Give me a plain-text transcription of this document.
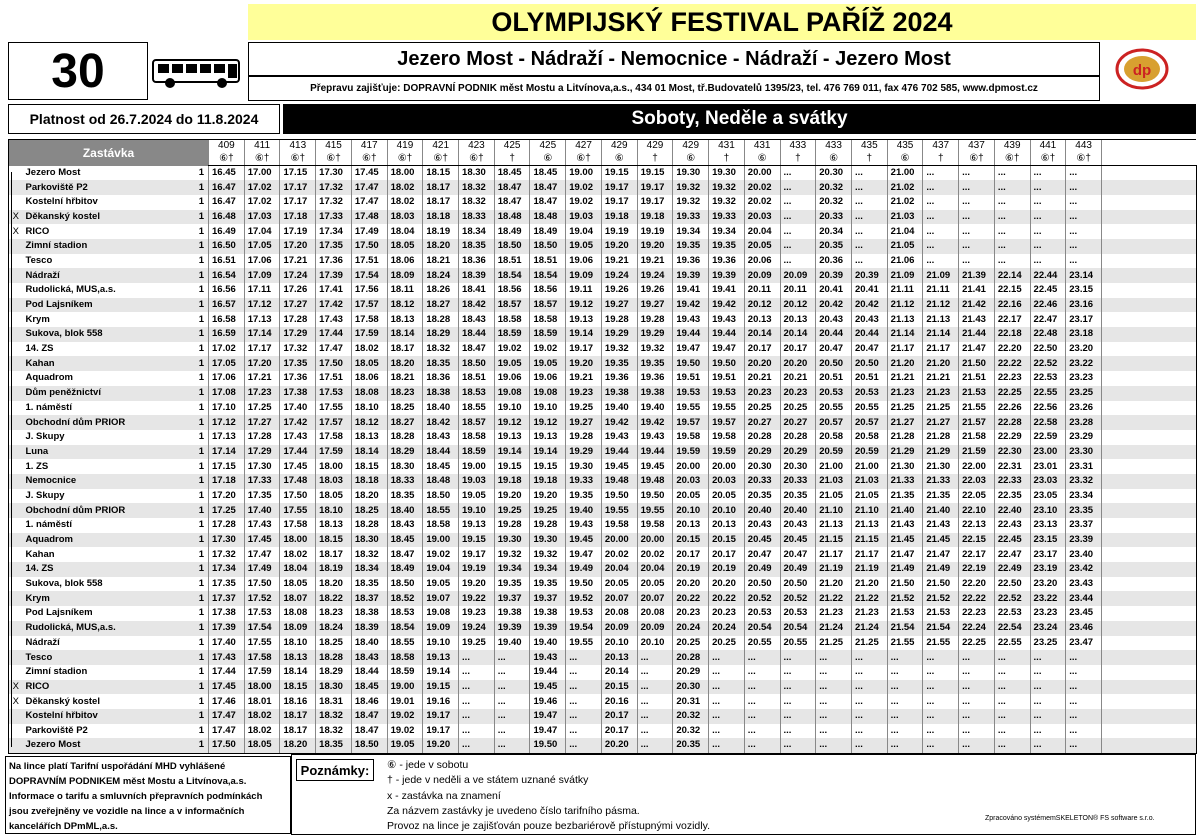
OLYMPIJSKÝ FESTIVAL PAŘÍŽ 2024
30	Jezero Most - Nádraží - Nemocnice - Nádraží - Jezero Most
Přepravu zajišťuje: DOPRAVNÍ PODNIK měst Mostu a Litvínova,a.s., 434 01 Most, tř.Budovatelů 1395/23, tel. 476 769 011, fax 476 702 585, www.dpmost.cz
dp
Platnost od 26.7.2024 do 11.8.2024	Soboty, Neděle a svátky
Zastávka			409	411	413	415	417	419	421	423	425	425	427	429	429	429	431	431	433	433	435	435	437	437	439	441	443	
			⑥†	⑥†	⑥†	⑥†	⑥†	⑥†	⑥†	⑥†	†	⑥	⑥†	⑥	†	⑥	†	⑥	†	⑥	†	⑥	†	⑥†	⑥†	⑥†	⑥†	
	Jezero Most	1	16.45	17.00	17.15	17.30	17.45	18.00	18.15	18.30	18.45	18.45	19.00	19.15	19.15	19.30	19.30	20.00	...	20.30	...	21.00	...	...	...	...	...	
	Parkoviště P2	1	16.47	17.02	17.17	17.32	17.47	18.02	18.17	18.32	18.47	18.47	19.02	19.17	19.17	19.32	19.32	20.02	...	20.32	...	21.02	...	...	...	...	...	
	Kostelní hřbitov	1	16.47	17.02	17.17	17.32	17.47	18.02	18.17	18.32	18.47	18.47	19.02	19.17	19.17	19.32	19.32	20.02	...	20.32	...	21.02	...	...	...	...	...	
X	Děkanský kostel	1	16.48	17.03	17.18	17.33	17.48	18.03	18.18	18.33	18.48	18.48	19.03	19.18	19.18	19.33	19.33	20.03	...	20.33	...	21.03	...	...	...	...	...	
X	RICO	1	16.49	17.04	17.19	17.34	17.49	18.04	18.19	18.34	18.49	18.49	19.04	19.19	19.19	19.34	19.34	20.04	...	20.34	...	21.04	...	...	...	...	...	
	Zimní stadion	1	16.50	17.05	17.20	17.35	17.50	18.05	18.20	18.35	18.50	18.50	19.05	19.20	19.20	19.35	19.35	20.05	...	20.35	...	21.05	...	...	...	...	...	
	Tesco	1	16.51	17.06	17.21	17.36	17.51	18.06	18.21	18.36	18.51	18.51	19.06	19.21	19.21	19.36	19.36	20.06	...	20.36	...	21.06	...	...	...	...	...	
	Nádraží	1	16.54	17.09	17.24	17.39	17.54	18.09	18.24	18.39	18.54	18.54	19.09	19.24	19.24	19.39	19.39	20.09	20.09	20.39	20.39	21.09	21.09	21.39	22.14	22.44	23.14	
	Rudolická, MUS,a.s.	1	16.56	17.11	17.26	17.41	17.56	18.11	18.26	18.41	18.56	18.56	19.11	19.26	19.26	19.41	19.41	20.11	20.11	20.41	20.41	21.11	21.11	21.41	22.15	22.45	23.15	
	Pod Lajsníkem	1	16.57	17.12	17.27	17.42	17.57	18.12	18.27	18.42	18.57	18.57	19.12	19.27	19.27	19.42	19.42	20.12	20.12	20.42	20.42	21.12	21.12	21.42	22.16	22.46	23.16	
	Krym	1	16.58	17.13	17.28	17.43	17.58	18.13	18.28	18.43	18.58	18.58	19.13	19.28	19.28	19.43	19.43	20.13	20.13	20.43	20.43	21.13	21.13	21.43	22.17	22.47	23.17	
	Sukova, blok 558	1	16.59	17.14	17.29	17.44	17.59	18.14	18.29	18.44	18.59	18.59	19.14	19.29	19.29	19.44	19.44	20.14	20.14	20.44	20.44	21.14	21.14	21.44	22.18	22.48	23.18	
	14. ZS	1	17.02	17.17	17.32	17.47	18.02	18.17	18.32	18.47	19.02	19.02	19.17	19.32	19.32	19.47	19.47	20.17	20.17	20.47	20.47	21.17	21.17	21.47	22.20	22.50	23.20	
	Kahan	1	17.05	17.20	17.35	17.50	18.05	18.20	18.35	18.50	19.05	19.05	19.20	19.35	19.35	19.50	19.50	20.20	20.20	20.50	20.50	21.20	21.20	21.50	22.22	22.52	23.22	
	Aquadrom	1	17.06	17.21	17.36	17.51	18.06	18.21	18.36	18.51	19.06	19.06	19.21	19.36	19.36	19.51	19.51	20.21	20.21	20.51	20.51	21.21	21.21	21.51	22.23	22.53	23.23	
	Dům peněžnictví	1	17.08	17.23	17.38	17.53	18.08	18.23	18.38	18.53	19.08	19.08	19.23	19.38	19.38	19.53	19.53	20.23	20.23	20.53	20.53	21.23	21.23	21.53	22.25	22.55	23.25	
	1. náměstí	1	17.10	17.25	17.40	17.55	18.10	18.25	18.40	18.55	19.10	19.10	19.25	19.40	19.40	19.55	19.55	20.25	20.25	20.55	20.55	21.25	21.25	21.55	22.26	22.56	23.26	
	Obchodní dům PRIOR	1	17.12	17.27	17.42	17.57	18.12	18.27	18.42	18.57	19.12	19.12	19.27	19.42	19.42	19.57	19.57	20.27	20.27	20.57	20.57	21.27	21.27	21.57	22.28	22.58	23.28	
	J. Skupy	1	17.13	17.28	17.43	17.58	18.13	18.28	18.43	18.58	19.13	19.13	19.28	19.43	19.43	19.58	19.58	20.28	20.28	20.58	20.58	21.28	21.28	21.58	22.29	22.59	23.29	
	Luna	1	17.14	17.29	17.44	17.59	18.14	18.29	18.44	18.59	19.14	19.14	19.29	19.44	19.44	19.59	19.59	20.29	20.29	20.59	20.59	21.29	21.29	21.59	22.30	23.00	23.30	
	1. ZS	1	17.15	17.30	17.45	18.00	18.15	18.30	18.45	19.00	19.15	19.15	19.30	19.45	19.45	20.00	20.00	20.30	20.30	21.00	21.00	21.30	21.30	22.00	22.31	23.01	23.31	
	Nemocnice	1	17.18	17.33	17.48	18.03	18.18	18.33	18.48	19.03	19.18	19.18	19.33	19.48	19.48	20.03	20.03	20.33	20.33	21.03	21.03	21.33	21.33	22.03	22.33	23.03	23.32	
	J. Skupy	1	17.20	17.35	17.50	18.05	18.20	18.35	18.50	19.05	19.20	19.20	19.35	19.50	19.50	20.05	20.05	20.35	20.35	21.05	21.05	21.35	21.35	22.05	22.35	23.05	23.34	
	Obchodní dům PRIOR	1	17.25	17.40	17.55	18.10	18.25	18.40	18.55	19.10	19.25	19.25	19.40	19.55	19.55	20.10	20.10	20.40	20.40	21.10	21.10	21.40	21.40	22.10	22.40	23.10	23.35	
	1. náměstí	1	17.28	17.43	17.58	18.13	18.28	18.43	18.58	19.13	19.28	19.28	19.43	19.58	19.58	20.13	20.13	20.43	20.43	21.13	21.13	21.43	21.43	22.13	22.43	23.13	23.37	
	Aquadrom	1	17.30	17.45	18.00	18.15	18.30	18.45	19.00	19.15	19.30	19.30	19.45	20.00	20.00	20.15	20.15	20.45	20.45	21.15	21.15	21.45	21.45	22.15	22.45	23.15	23.39	
	Kahan	1	17.32	17.47	18.02	18.17	18.32	18.47	19.02	19.17	19.32	19.32	19.47	20.02	20.02	20.17	20.17	20.47	20.47	21.17	21.17	21.47	21.47	22.17	22.47	23.17	23.40	
	14. ZS	1	17.34	17.49	18.04	18.19	18.34	18.49	19.04	19.19	19.34	19.34	19.49	20.04	20.04	20.19	20.19	20.49	20.49	21.19	21.19	21.49	21.49	22.19	22.49	23.19	23.42	
	Sukova, blok 558	1	17.35	17.50	18.05	18.20	18.35	18.50	19.05	19.20	19.35	19.35	19.50	20.05	20.05	20.20	20.20	20.50	20.50	21.20	21.20	21.50	21.50	22.20	22.50	23.20	23.43	
	Krym	1	17.37	17.52	18.07	18.22	18.37	18.52	19.07	19.22	19.37	19.37	19.52	20.07	20.07	20.22	20.22	20.52	20.52	21.22	21.22	21.52	21.52	22.22	22.52	23.22	23.44	
	Pod Lajsníkem	1	17.38	17.53	18.08	18.23	18.38	18.53	19.08	19.23	19.38	19.38	19.53	20.08	20.08	20.23	20.23	20.53	20.53	21.23	21.23	21.53	21.53	22.23	22.53	23.23	23.45	
	Rudolická, MUS,a.s.	1	17.39	17.54	18.09	18.24	18.39	18.54	19.09	19.24	19.39	19.39	19.54	20.09	20.09	20.24	20.24	20.54	20.54	21.24	21.24	21.54	21.54	22.24	22.54	23.24	23.46	
	Nádraží	1	17.40	17.55	18.10	18.25	18.40	18.55	19.10	19.25	19.40	19.40	19.55	20.10	20.10	20.25	20.25	20.55	20.55	21.25	21.25	21.55	21.55	22.25	22.55	23.25	23.47	
	Tesco	1	17.43	17.58	18.13	18.28	18.43	18.58	19.13	...	...	19.43	...	20.13	...	20.28	...	...	...	...	...	...	...	...	...	...	...	
	Zimní stadion	1	17.44	17.59	18.14	18.29	18.44	18.59	19.14	...	...	19.44	...	20.14	...	20.29	...	...	...	...	...	...	...	...	...	...	...	
X	RICO	1	17.45	18.00	18.15	18.30	18.45	19.00	19.15	...	...	19.45	...	20.15	...	20.30	...	...	...	...	...	...	...	...	...	...	...	
X	Děkanský kostel	1	17.46	18.01	18.16	18.31	18.46	19.01	19.16	...	...	19.46	...	20.16	...	20.31	...	...	...	...	...	...	...	...	...	...	...	
	Kostelní hřbitov	1	17.47	18.02	18.17	18.32	18.47	19.02	19.17	...	...	19.47	...	20.17	...	20.32	...	...	...	...	...	...	...	...	...	...	...	
	Parkoviště P2	1	17.47	18.02	18.17	18.32	18.47	19.02	19.17	...	...	19.47	...	20.17	...	20.32	...	...	...	...	...	...	...	...	...	...	...	
	Jezero Most	1	17.50	18.05	18.20	18.35	18.50	19.05	19.20	...	...	19.50	...	20.20	...	20.35	...	...	...	...	...	...	...	...	...	...	...	
Na lince platí Tarifní uspořádání MHD vyhlášené
DOPRAVNÍM PODNIKEM měst Mostu a Litvínova,a.s.
Informace o tarifu a smluvních přepravních podmínkách
jsou zveřejněny ve vozidle na lince a v informačních
kancelářích DPmML,a.s.
Poznámky:	⑥ - jede v sobotu
† - jede v neděli a ve státem uznané svátky
x - zastávka na znamení
Za názvem zastávky je uvedeno číslo tarifního pásma.
Provoz na lince je zajišťován pouze bezbariérově přístupnými vozidly.
Zpracováno systémemSKELETON® FS software s.r.o.
